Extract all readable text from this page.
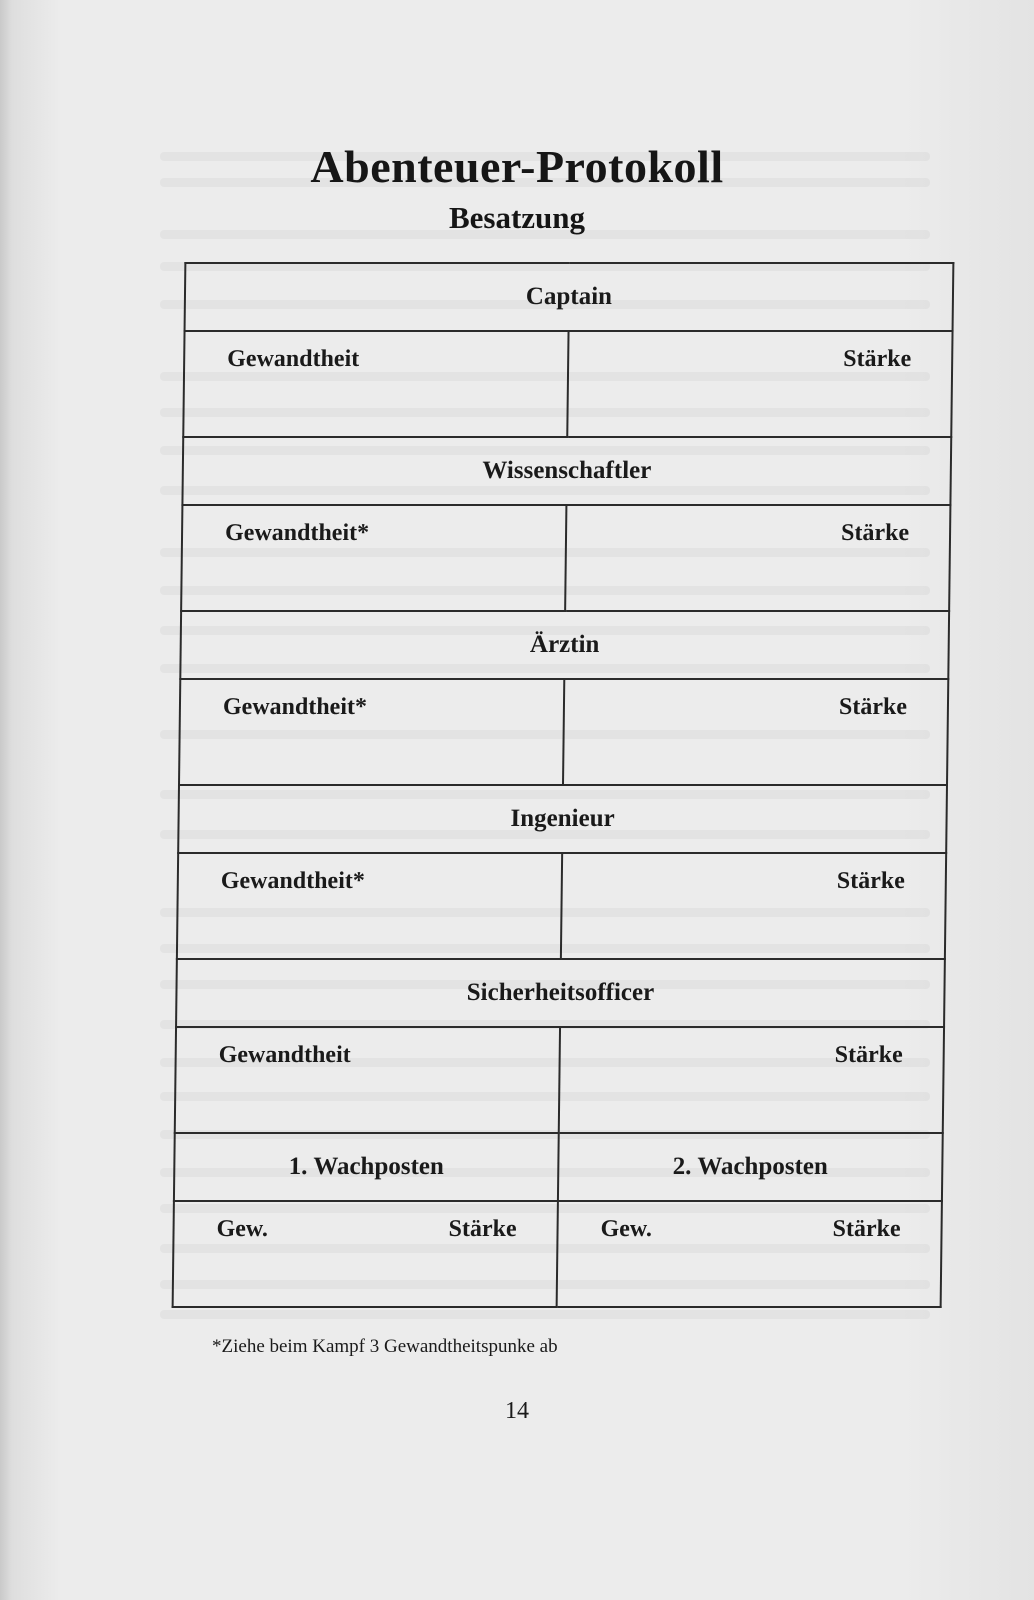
Abenteuer-Protokoll
Besatzung
Captain	

Gewandtheit	Stärke

Wissenschaftler	

Gewandtheit*	Stärke

Ärztin	

Gewandtheit*	Stärke

Ingenieur	

Gewandtheit*	Stärke

Sicherheitsofficer	

Gewandtheit	Stärke

1. Wachposten	2. Wachposten

Gew. Stärke	Gew. Stärke
*Ziehe beim Kampf 3 Gewandtheitspunke ab
14
